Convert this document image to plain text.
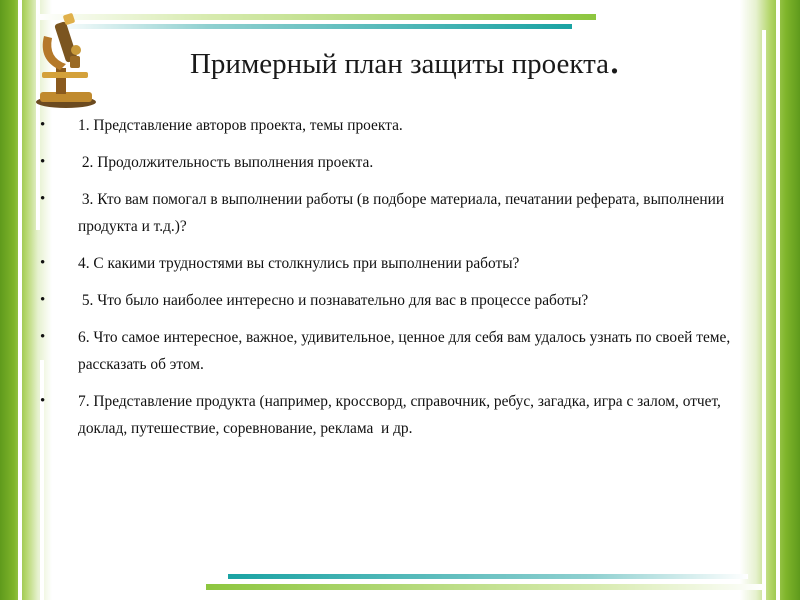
Примерный план защиты проекта.
• 1. Представление авторов проекта, темы проекта.
• 2. Продолжительность выполнения проекта.
• 3. Кто вам помогал в выполнении работы (в подборе материала, печатании реферата, выполнении продукта и т.д.)?
• 4. С какими трудностями вы столкнулись при выполнении работы?
• 5. Что было наиболее интересно и познавательно для вас в процессе работы?
• 6. Что самое интересное, важное, удивительное, ценное для себя вам удалось узнать по своей теме, рассказать об этом.
• 7. Представление продукта (например, кроссворд, справочник, ребус, загадка, игра с залом, отчет, доклад, путешествие, соревнование, реклама  и др.
